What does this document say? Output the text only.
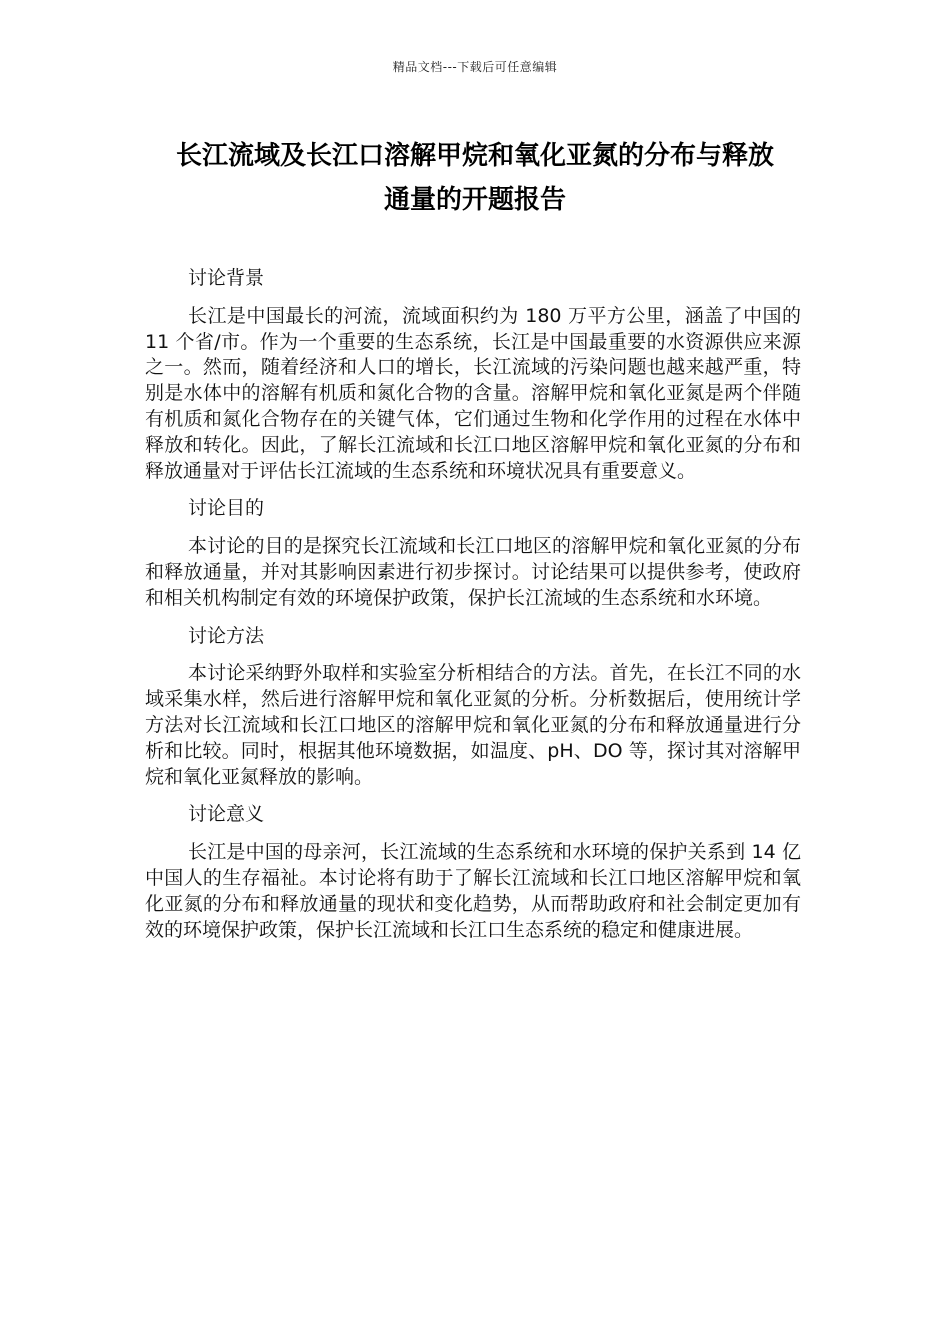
精品文档---下载后可任意编辑
长江流域及长江口溶解甲烷和氧化亚氮的分布与释放
通量的开题报告

讨论背景

长江是中国最长的河流，流域面积约为 180 万平方公里，涵盖了中国的 11 个省/市。作为一个重要的生态系统，长江是中国最重要的水资源供应来源之一。然而，随着经济和人口的增长，长江流域的污染问题也越来越严重，特别是水体中的溶解有机质和氮化合物的含量。溶解甲烷和氧化亚氮是两个伴随有机质和氮化合物存在的关键气体，它们通过生物和化学作用的过程在水体中释放和转化。因此，了解长江流域和长江口地区溶解甲烷和氧化亚氮的分布和释放通量对于评估长江流域的生态系统和环境状况具有重要意义。

讨论目的

本讨论的目的是探究长江流域和长江口地区的溶解甲烷和氧化亚氮的分布和释放通量，并对其影响因素进行初步探讨。讨论结果可以提供参考，使政府和相关机构制定有效的环境保护政策，保护长江流域的生态系统和水环境。

讨论方法

本讨论采纳野外取样和实验室分析相结合的方法。首先，在长江不同的水域采集水样，然后进行溶解甲烷和氧化亚氮的分析。分析数据后，使用统计学方法对长江流域和长江口地区的溶解甲烷和氧化亚氮的分布和释放通量进行分析和比较。同时，根据其他环境数据，如温度、pH、DO 等，探讨其对溶解甲烷和氧化亚氮释放的影响。

讨论意义

长江是中国的母亲河，长江流域的生态系统和水环境的保护关系到 14 亿中国人的生存福祉。本讨论将有助于了解长江流域和长江口地区溶解甲烷和氧化亚氮的分布和释放通量的现状和变化趋势，从而帮助政府和社会制定更加有效的环境保护政策，保护长江流域和长江口生态系统的稳定和健康进展。
